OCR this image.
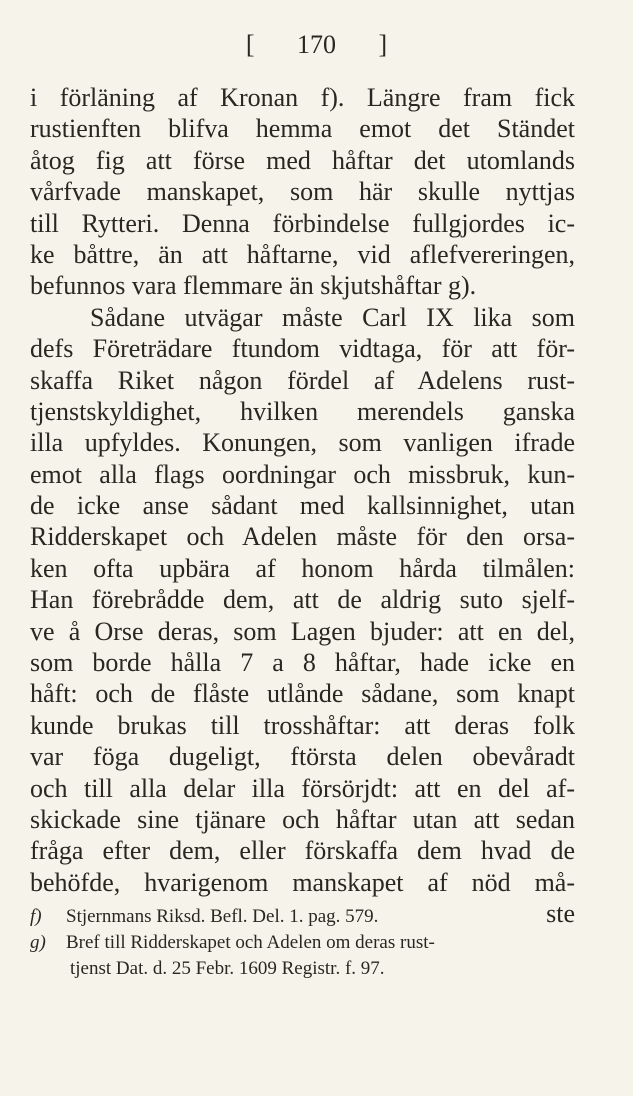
[ 170 ]
i förläning af Kronan f). Längre fram fick
rustienften blifva hemma emot det Ständet
åtog fig att förse med håftar det utomlands
vårfvade manskapet, som här skulle nyttjas
till Rytteri. Denna förbindelse fullgjordes ic-
ke båttre, än att håftarne, vid aflefvereringen,
befunnos vara flemmare än skjutshåftar g).
Sådane utvägar måste Carl IX lika som
defs Företrädare ftundom vidtaga, för att för-
skaffa Riket någon fördel af Adelens rust-
tjenstskyldighet, hvilken merendels ganska
illa upfyldes. Konungen, som vanligen ifrade
emot alla flags oordningar och missbruk, kun-
de icke anse sådant med kallsinnighet, utan
Ridderskapet och Adelen måste för den orsa-
ken ofta upbära af honom hårda tilmålen:
Han förebrådde dem, att de aldrig suto sjelf-
ve å Orse deras, som Lagen bjuder: att en del,
som borde hålla 7 a 8 håftar, hade icke en
håft: och de flåste utlånde sådane, som knapt
kunde brukas till trosshåftar: att deras folk
var föga dugeligt, ftörsta delen obevåradt
och till alla delar illa försörjdt: att en del af-
skickade sine tjänare och håftar utan att sedan
fråga efter dem, eller förskaffa dem hvad de
behöfde, hvarigenom manskapet af nöd må-
ste
f) Stjernmans Riksd. Befl. Del. 1. pag. 579.
g) Bref till Ridderskapet och Adelen om deras rust-
tjenst Dat. d. 25 Febr. 1609 Registr. f. 97.
